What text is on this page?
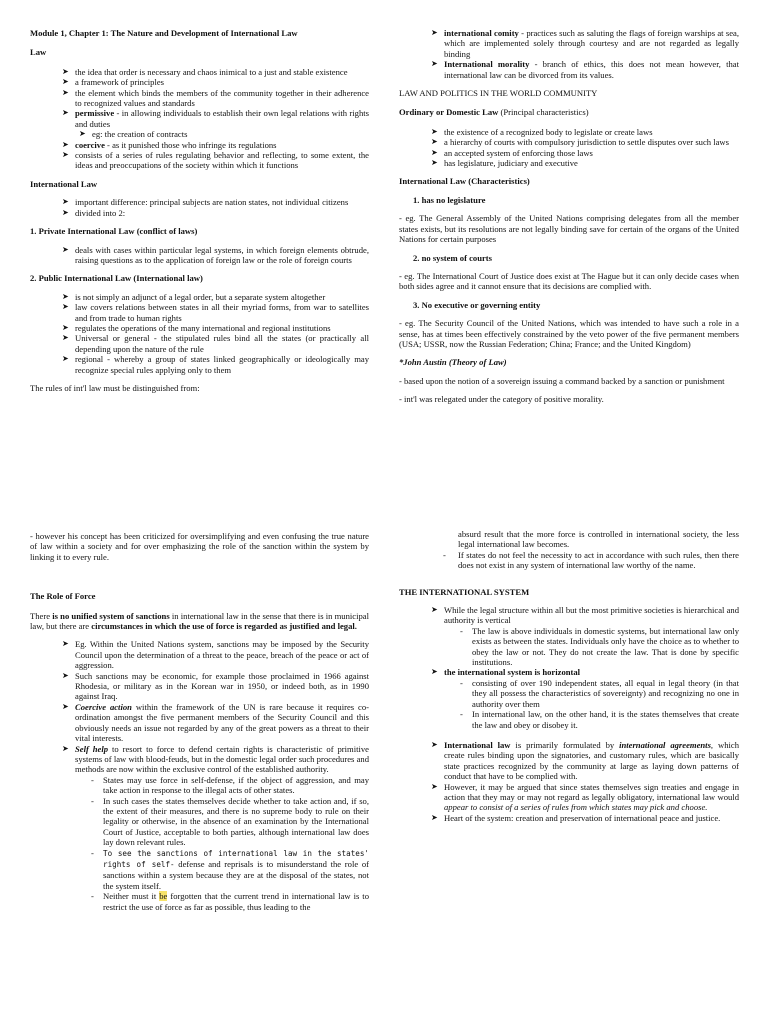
Module 1, Chapter 1: The Nature and Development of International Law
Law
➤ the idea that order is necessary and chaos inimical to a just and stable existence
➤ a framework of principles
➤ the element which binds the members of the community together in their adherence to recognized values and standards
➤ permissive - in allowing individuals to establish their own legal relations with rights and duties
➤ eg: the creation of contracts
➤ coercive - as it punished those who infringe its regulations
➤ consists of a series of rules regulating behavior and reflecting, to some extent, the ideas and preoccupations of the society within which it functions
International Law
➤ important difference: principal subjects are nation states, not individual citizens
➤ divided into 2:
1. Private International Law (conflict of laws)
➤ deals with cases within particular legal systems, in which foreign elements obtrude, raising questions as to the application of foreign law or the role of foreign courts
2. Public International Law (International law)
➤ is not simply an adjunct of a legal order, but a separate system altogether
➤ law covers relations between states in all their myriad forms, from war to satellites and from trade to human rights
➤ regulates the operations of the many international and regional institutions
➤ Universal or general - the stipulated rules bind all the states (or practically all depending upon the nature of the rule
➤ regional - whereby a group of states linked geographically or ideologically may recognize special rules applying only to them

The rules of int'l law must be distinguished from:

➤ international comity - practices such as saluting the flags of foreign warships at sea, which are implemented solely through courtesy and are not regarded as legally binding
➤ International morality - branch of ethics, this does not mean however, that international law can be divorced from its values.

LAW AND POLITICS IN THE WORLD COMMUNITY

Ordinary or Domestic Law (Principal characteristics)

➤ the existence of a recognized body to legislate or create laws
➤ a hierarchy of courts with compulsory jurisdiction to settle disputes over such laws
➤ an accepted system of enforcing those laws
➤ has legislature, judiciary and executive
International Law (Characteristics)
1. has no legislature

- eg. The General Assembly of the United Nations comprising delegates from all the member states exists, but its resolutions are not legally binding save for certain of the organs of the United Nations for certain purposes

2. no system of courts

- eg. The International Court of Justice does exist at The Hague but it can only decide cases when both sides agree and it cannot ensure that its decisions are complied with.

3. No executive or governing entity

- eg. The Security Council of the United Nations, which was intended to have such a role in a sense, has at times been effectively constrained by the veto power of the five permanent members (USA; USSR, now the Russian Federation; China; France; and the United Kingdom)

*John Austin (Theory of Law)

- based upon the notion of a sovereign issuing a command backed by a sanction or punishment

- int'l was relegated under the category of positive morality.

- however his concept has been criticized for oversimplifying and even confusing the true nature of law within a society and for over emphasizing the role of the sanction within the system by linking it to every rule.

The Role of Force

There is no unified system of sanctions in international law in the sense that there is in municipal law, but there are circumstances in which the use of force is regarded as justified and legal.

➤ Eg. Within the United Nations system, sanctions may be imposed by the Security Council upon the determination of a threat to the peace, breach of the peace or act of aggression.
➤ Such sanctions may be economic, for example those proclaimed in 1966 against Rhodesia, or military as in the Korean war in 1950, or indeed both, as in 1990 against Iraq.
➤ Coercive action within the framework of the UN is rare because it requires co-ordination amongst the five permanent members of the Security Council and this obviously needs an issue not regarded by any of the great powers as a threat to their vital interests.
➤ Self help to resort to force to defend certain rights is characteristic of primitive systems of law with blood-feuds, but in the domestic legal order such procedures and methods are now within the exclusive control of the established authority.
- States may use force in self-defense, if the object of aggression, and may take action in response to the illegal acts of other states.
- In such cases the states themselves decide whether to take action and, if so, the extent of their measures, and there is no supreme body to rule on their legality or otherwise, in the absence of an examination by the International Court of Justice, acceptable to both parties, although international law does lay down relevant rules.
- To see the sanctions of international law in the states' rights of self- defense and reprisals is to misunderstand the role of sanctions within a system because they are at the disposal of the states, not the system itself.
- Neither must it be forgotten that the current trend in international law is to restrict the use of force as far as possible, thus leading to the
absurd result that the more force is controlled in international society, the less legal international law becomes.
- If states do not feel the necessity to act in accordance with such rules, then there does not exist in any system of international law worthy of the name.
THE INTERNATIONAL SYSTEM
➤ While the legal structure within all but the most primitive societies is hierarchical and authority is vertical
- The law is above individuals in domestic systems, but international law only exists as between the states. Individuals only have the choice as to whether to obey the law or not. They do not create the law. That is done by specific institutions.
➤ the international system is horizontal
- consisting of over 190 independent states, all equal in legal theory (in that they all possess the characteristics of sovereignty) and recognizing no one in authority over them
- In international law, on the other hand, it is the states themselves that create the law and obey or disobey it.
➤ International law is primarily formulated by international agreements, which create rules binding upon the signatories, and customary rules, which are basically state practices recognized by the community at large as laying down patterns of conduct that have to be complied with.
➤ However, it may be argued that since states themselves sign treaties and engage in action that they may or may not regard as legally obligatory, international law would appear to consist of a series of rules from which states may pick and choose.
➤ Heart of the system: creation and preservation of international peace and justice.
